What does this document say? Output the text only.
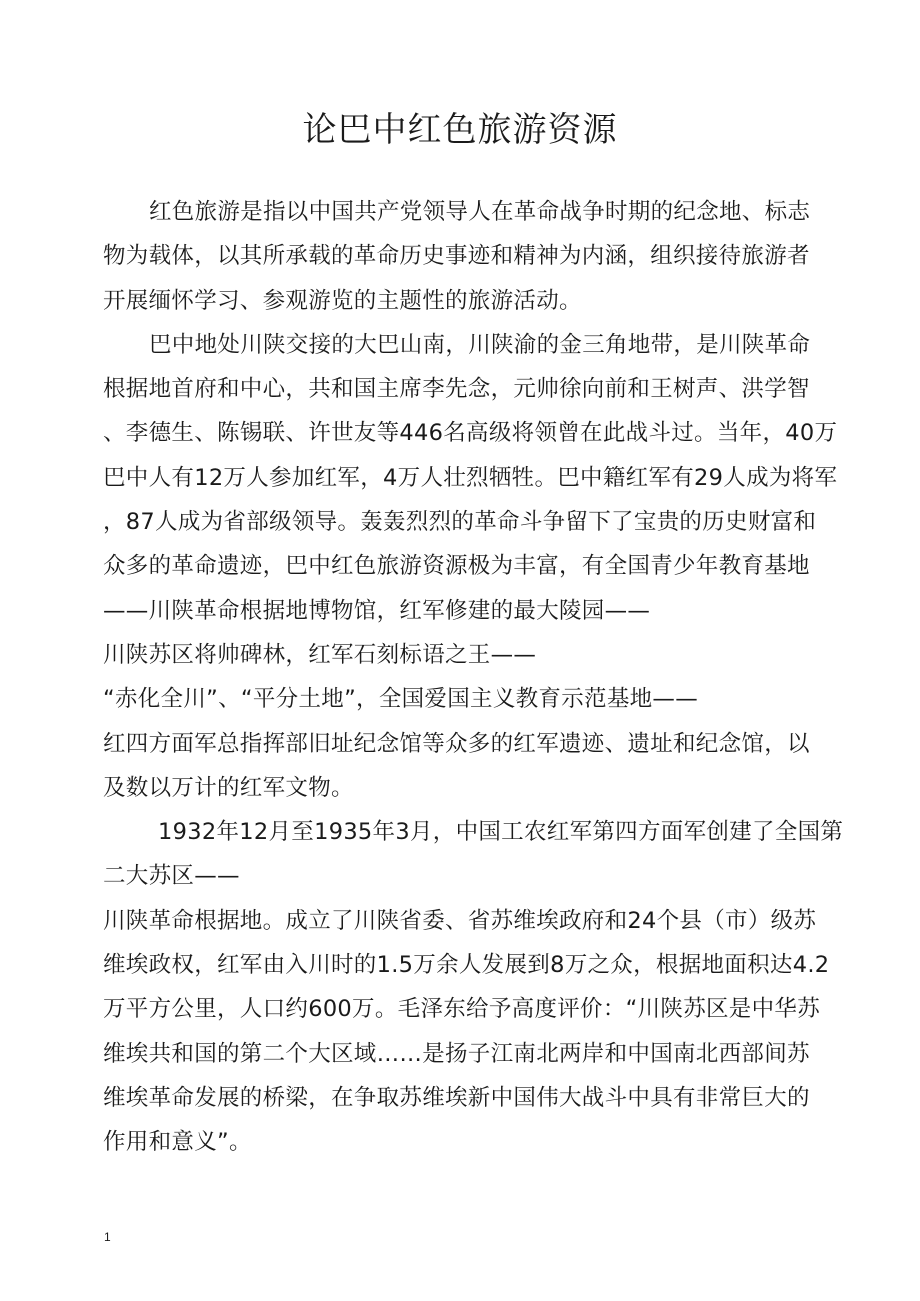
论巴中红色旅游资源
红色旅游是指以中国共产党领导人在革命战争时期的纪念地、标志
物为载体，以其所承载的革命历史事迹和精神为内涵，组织接待旅游者
开展缅怀学习、参观游览的主题性的旅游活动。
巴中地处川陕交接的大巴山南，川陕渝的金三角地带，是川陕革命
根据地首府和中心，共和国主席李先念，元帅徐向前和王树声、洪学智
、李德生、陈锡联、许世友等446名高级将领曾在此战斗过。当年，40万
巴中人有12万人参加红军，4万人壮烈牺牲。巴中籍红军有29人成为将军
，87人成为省部级领导。轰轰烈烈的革命斗争留下了宝贵的历史财富和
众多的革命遗迹，巴中红色旅游资源极为丰富，有全国青少年教育基地
——川陕革命根据地博物馆，红军修建的最大陵园——
川陕苏区将帅碑林，红军石刻标语之王——
“赤化全川”、“平分土地”，全国爱国主义教育示范基地——
红四方面军总指挥部旧址纪念馆等众多的红军遗迹、遗址和纪念馆，以
及数以万计的红军文物。
1932年12月至1935年3月，中国工农红军第四方面军创建了全国第
二大苏区——
川陕革命根据地。成立了川陕省委、省苏维埃政府和24个县（市）级苏
维埃政权，红军由入川时的1.5万余人发展到8万之众，根据地面积达4.2
万平方公里，人口约600万。毛泽东给予高度评价：“川陕苏区是中华苏
维埃共和国的第二个大区域……是扬子江南北两岸和中国南北西部间苏
维埃革命发展的桥梁，在争取苏维埃新中国伟大战斗中具有非常巨大的
作用和意义”。
1
